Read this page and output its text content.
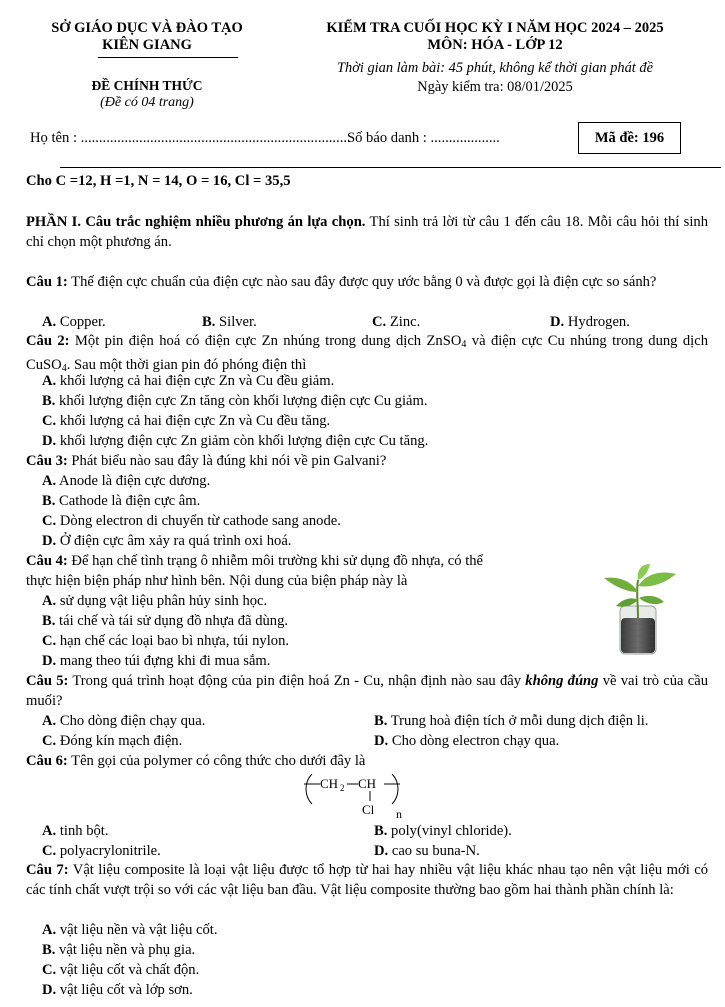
SỞ GIÁO DỤC VÀ ĐÀO TẠO
KIÊN GIANG
ĐỀ CHÍNH THỨC
(Đề có 04 trang)
KIỂM TRA CUỐI HỌC KỲ I NĂM HỌC 2024 – 2025
MÔN: HÓA - LỚP 12
Thời gian làm bài: 45 phút, không kể thời gian phát đề
Ngày kiểm tra: 08/01/2025
Họ tên : ..........................................................................
Số báo danh : ...................	Mã đề: 196
Cho C =12, H =1, N = 14, O = 16, Cl = 35,5
PHẦN I. Câu trắc nghiệm nhiều phương án lựa chọn. Thí sinh trả lời từ câu 1 đến câu 18. Mỗi câu hỏi thí sinh chỉ chọn một phương án.
Câu 1: Thế điện cực chuẩn của điện cực nào sau đây được quy ước bằng 0 và được gọi là điện cực so sánh?
A. Copper.	B. Silver.	C. Zinc.	D. Hydrogen.
Câu 2: Một pin điện hoá có điện cực Zn nhúng trong dung dịch ZnSO$_4$ và điện cực Cu nhúng trong dung dịch CuSO$_4$. Sau một thời gian pin đó phóng điện thì
A. khối lượng cả hai điện cực Zn và Cu đều giảm.
B. khối lượng điện cực Zn tăng còn khối lượng điện cực Cu giảm.
C. khối lượng cả hai điện cực Zn và Cu đều tăng.
D. khối lượng điện cực Zn giảm còn khối lượng điện cực Cu tăng.
Câu 3: Phát biểu nào sau đây là đúng khi nói về pin Galvani?
A. Anode là điện cực dương.
B. Cathode là điện cực âm.
C. Dòng electron di chuyển từ cathode sang anode.
D. Ở điện cực âm xảy ra quá trình oxi hoá.
Câu 4: Để hạn chế tình trạng ô nhiễm môi trường khi sử dụng đồ nhựa, có thể
thực hiện biện pháp như hình bên. Nội dung của biện pháp này là
A. sử dụng vật liệu phân hủy sinh học.
B. tái chế và tái sử dụng đồ nhựa đã dùng.
C. hạn chế các loại bao bì nhựa, túi nylon.
D. mang theo túi đựng khi đi mua sắm.
Câu 5: Trong quá trình hoạt động của pin điện hoá Zn - Cu, nhận định nào sau đây không đúng về vai trò của cầu muối?
A. Cho dòng điện chạy qua.	B. Trung hoà điện tích ở mỗi dung dịch điện li.
C. Đóng kín mạch điện.	D. Cho dòng electron chạy qua.
Câu 6: Tên gọi của polymer có công thức cho dưới đây là
CH 2 CH
Cl n
A. tinh bột.	B. poly(vinyl chloride).
C. polyacrylonitrile.	D. cao su buna-N.
Câu 7: Vật liệu composite là loại vật liệu được tổ hợp từ hai hay nhiều vật liệu khác nhau tạo nên vật liệu mới có các tính chất vượt trội so với các vật liệu ban đầu. Vật liệu composite thường bao gồm hai thành phần chính là:
A. vật liệu nền và vật liệu cốt.
B. vật liệu nền và phụ gia.
C. vật liệu cốt và chất độn.
D. vật liệu cốt và lớp sơn.
